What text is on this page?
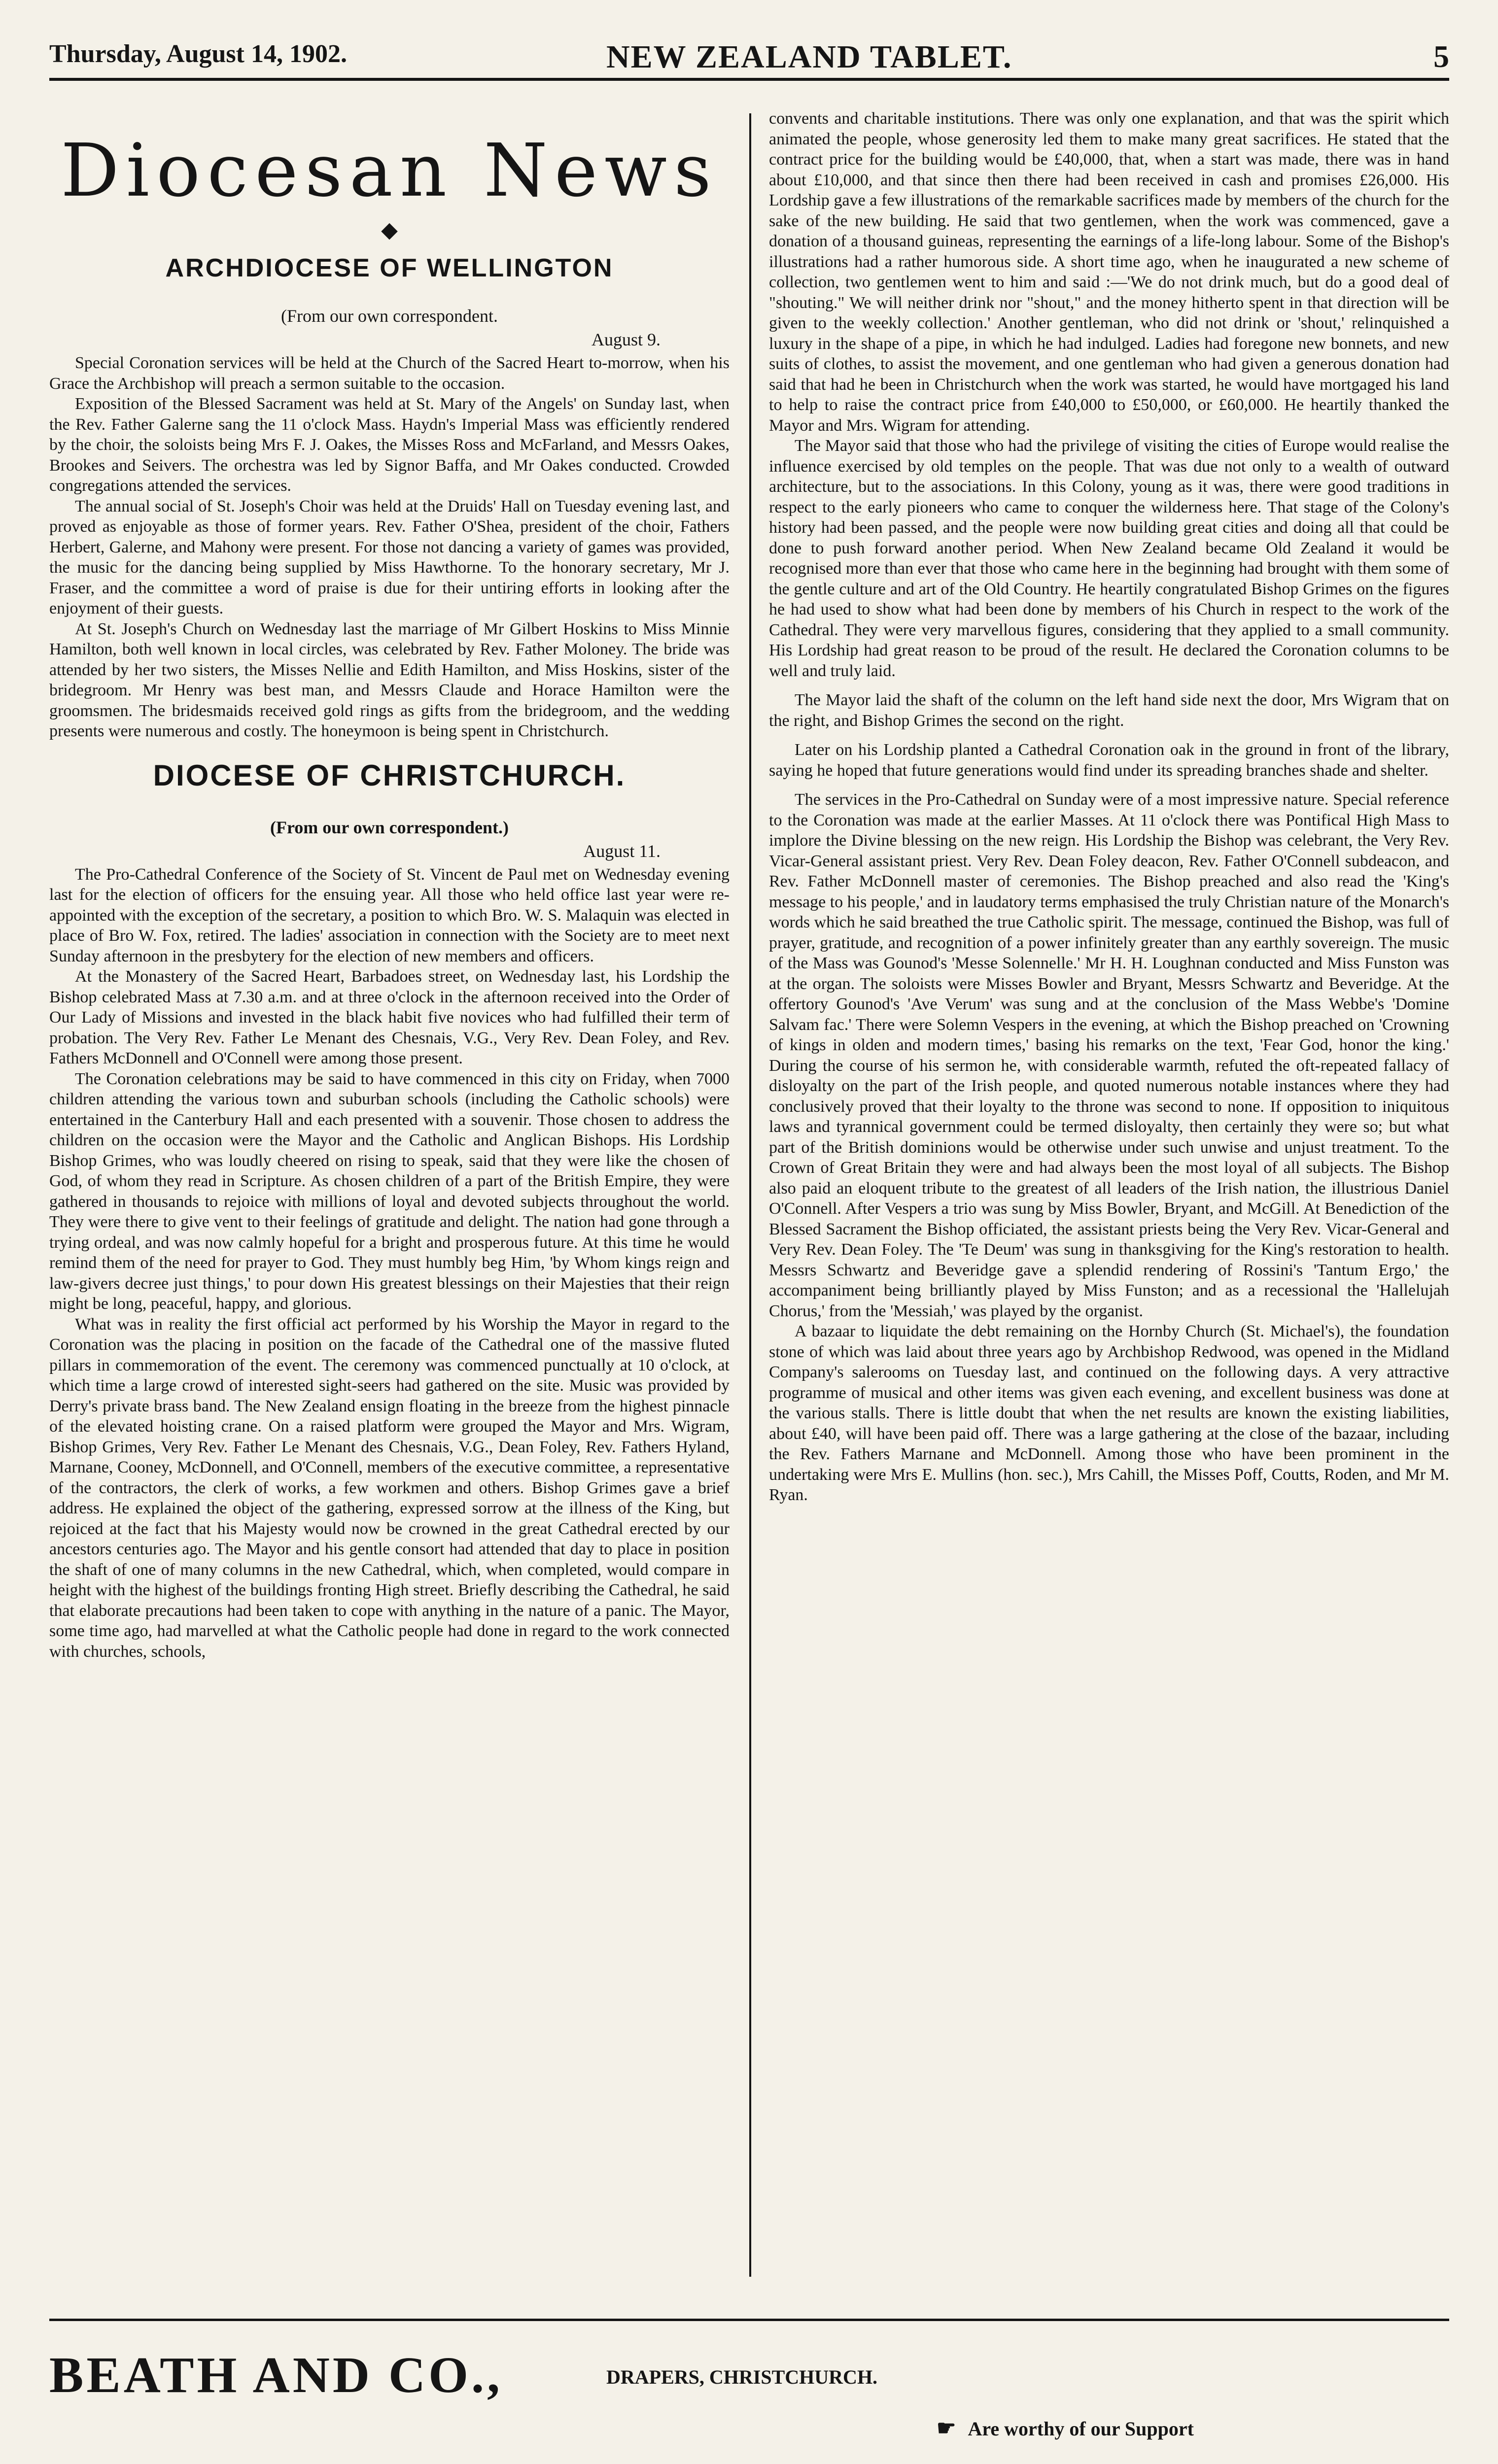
Thursday, August 14, 1902.	NEW ZEALAND TABLET.	5
Diocesan News
◆
ARCHDIOCESE OF WELLINGTON
(From our own correspondent.
August 9.

Special Coronation services will be held at the Church of the Sacred Heart to-morrow, when his Grace the Archbishop will preach a sermon suitable to the occasion.

Exposition of the Blessed Sacrament was held at St. Mary of the Angels' on Sunday last, when the Rev. Father Galerne sang the 11 o'clock Mass. Haydn's Imperial Mass was efficiently rendered by the choir, the soloists being Mrs F. J. Oakes, the Misses Ross and McFarland, and Messrs Oakes, Brookes and Seivers. The orchestra was led by Signor Baffa, and Mr Oakes conducted. Crowded congregations attended the services.

The annual social of St. Joseph's Choir was held at the Druids' Hall on Tuesday evening last, and proved as enjoyable as those of former years. Rev. Father O'Shea, president of the choir, Fathers Herbert, Galerne, and Mahony were present. For those not dancing a variety of games was provided, the music for the dancing being supplied by Miss Hawthorne. To the honorary secretary, Mr J. Fraser, and the committee a word of praise is due for their untiring efforts in looking after the enjoyment of their guests.

At St. Joseph's Church on Wednesday last the marriage of Mr Gilbert Hoskins to Miss Minnie Hamilton, both well known in local circles, was celebrated by Rev. Father Moloney. The bride was attended by her two sisters, the Misses Nellie and Edith Hamilton, and Miss Hoskins, sister of the bridegroom. Mr Henry was best man, and Messrs Claude and Horace Hamilton were the groomsmen. The bridesmaids received gold rings as gifts from the bridegroom, and the wedding presents were numerous and costly. The honeymoon is being spent in Christchurch.

DIOCESE OF CHRISTCHURCH.
(From our own correspondent.)
August 11.

The Pro-Cathedral Conference of the Society of St. Vincent de Paul met on Wednesday evening last for the election of officers for the ensuing year. All those who held office last year were re-appointed with the exception of the secretary, a position to which Bro. W. S. Malaquin was elected in place of Bro W. Fox, retired. The ladies' association in connection with the Society are to meet next Sunday afternoon in the presbytery for the election of new members and officers.

At the Monastery of the Sacred Heart, Barbadoes street, on Wednesday last, his Lordship the Bishop celebrated Mass at 7.30 a.m. and at three o'clock in the afternoon received into the Order of Our Lady of Missions and invested in the black habit five novices who had fulfilled their term of probation. The Very Rev. Father Le Menant des Chesnais, V.G., Very Rev. Dean Foley, and Rev. Fathers McDonnell and O'Connell were among those present.

The Coronation celebrations may be said to have commenced in this city on Friday, when 7000 children attending the various town and suburban schools (including the Catholic schools) were entertained in the Canterbury Hall and each presented with a souvenir. Those chosen to address the children on the occasion were the Mayor and the Catholic and Anglican Bishops. His Lordship Bishop Grimes, who was loudly cheered on rising to speak, said that they were like the chosen of God, of whom they read in Scripture. As chosen children of a part of the British Empire, they were gathered in thousands to rejoice with millions of loyal and devoted subjects throughout the world. They were there to give vent to their feelings of gratitude and delight. The nation had gone through a trying ordeal, and was now calmly hopeful for a bright and prosperous future. At this time he would remind them of the need for prayer to God. They must humbly beg Him, 'by Whom kings reign and law-givers decree just things,' to pour down His greatest blessings on their Majesties that their reign might be long, peaceful, happy, and glorious.

What was in reality the first official act performed by his Worship the Mayor in regard to the Coronation was the placing in position on the facade of the Cathedral one of the massive fluted pillars in commemoration of the event. The ceremony was commenced punctually at 10 o'clock, at which time a large crowd of interested sight-seers had gathered on the site. Music was provided by Derry's private brass band. The New Zealand ensign floating in the breeze from the highest pinnacle of the elevated hoisting crane. On a raised platform were grouped the Mayor and Mrs. Wigram, Bishop Grimes, Very Rev. Father Le Menant des Chesnais, V.G., Dean Foley, Rev. Fathers Hyland, Marnane, Cooney, McDonnell, and O'Connell, members of the executive committee, a representative of the contractors, the clerk of works, a few workmen and others. Bishop Grimes gave a brief address. He explained the object of the gathering, expressed sorrow at the illness of the King, but rejoiced at the fact that his Majesty would now be crowned in the great Cathedral erected by our ancestors centuries ago. The Mayor and his gentle consort had attended that day to place in position the shaft of one of many columns in the new Cathedral, which, when completed, would compare in height with the highest of the buildings fronting High street. Briefly describing the Cathedral, he said that elaborate precautions had been taken to cope with anything in the nature of a panic. The Mayor, some time ago, had marvelled at what the Catholic people had done in regard to the work connected with churches, schools,

convents and charitable institutions. There was only one explanation, and that was the spirit which animated the people, whose generosity led them to make many great sacrifices. He stated that the contract price for the building would be £40,000, that, when a start was made, there was in hand about £10,000, and that since then there had been received in cash and promises £26,000. His Lordship gave a few illustrations of the remarkable sacrifices made by members of the church for the sake of the new building. He said that two gentlemen, when the work was commenced, gave a donation of a thousand guineas, representing the earnings of a life-long labour. Some of the Bishop's illustrations had a rather humorous side. A short time ago, when he inaugurated a new scheme of collection, two gentlemen went to him and said :—'We do not drink much, but do a good deal of "shouting." We will neither drink nor "shout," and the money hitherto spent in that direction will be given to the weekly collection.' Another gentleman, who did not drink or 'shout,' relinquished a luxury in the shape of a pipe, in which he had indulged. Ladies had foregone new bonnets, and new suits of clothes, to assist the movement, and one gentleman who had given a generous donation had said that had he been in Christchurch when the work was started, he would have mortgaged his land to help to raise the contract price from £40,000 to £50,000, or £60,000. He heartily thanked the Mayor and Mrs. Wigram for attending.

The Mayor said that those who had the privilege of visiting the cities of Europe would realise the influence exercised by old temples on the people. That was due not only to a wealth of outward architecture, but to the associations. In this Colony, young as it was, there were good traditions in respect to the early pioneers who came to conquer the wilderness here. That stage of the Colony's history had been passed, and the people were now building great cities and doing all that could be done to push forward another period. When New Zealand became Old Zealand it would be recognised more than ever that those who came here in the beginning had brought with them some of the gentle culture and art of the Old Country. He heartily congratulated Bishop Grimes on the figures he had used to show what had been done by members of his Church in respect to the work of the Cathedral. They were very marvellous figures, considering that they applied to a small community. His Lordship had great reason to be proud of the result. He declared the Coronation columns to be well and truly laid.

The Mayor laid the shaft of the column on the left hand side next the door, Mrs Wigram that on the right, and Bishop Grimes the second on the right.

Later on his Lordship planted a Cathedral Coronation oak in the ground in front of the library, saying he hoped that future generations would find under its spreading branches shade and shelter.

The services in the Pro-Cathedral on Sunday were of a most impressive nature. Special reference to the Coronation was made at the earlier Masses. At 11 o'clock there was Pontifical High Mass to implore the Divine blessing on the new reign. His Lordship the Bishop was celebrant, the Very Rev. Vicar-General assistant priest. Very Rev. Dean Foley deacon, Rev. Father O'Connell subdeacon, and Rev. Father McDonnell master of ceremonies. The Bishop preached and also read the 'King's message to his people,' and in laudatory terms emphasised the truly Christian nature of the Monarch's words which he said breathed the true Catholic spirit. The message, continued the Bishop, was full of prayer, gratitude, and recognition of a power infinitely greater than any earthly sovereign. The music of the Mass was Gounod's 'Messe Solennelle.' Mr H. H. Loughnan conducted and Miss Funston was at the organ. The soloists were Misses Bowler and Bryant, Messrs Schwartz and Beveridge. At the offertory Gounod's 'Ave Verum' was sung and at the conclusion of the Mass Webbe's 'Domine Salvam fac.' There were Solemn Vespers in the evening, at which the Bishop preached on 'Crowning of kings in olden and modern times,' basing his remarks on the text, 'Fear God, honor the king.' During the course of his sermon he, with considerable warmth, refuted the oft-repeated fallacy of disloyalty on the part of the Irish people, and quoted numerous notable instances where they had conclusively proved that their loyalty to the throne was second to none. If opposition to iniquitous laws and tyrannical government could be termed disloyalty, then certainly they were so; but what part of the British dominions would be otherwise under such unwise and unjust treatment. To the Crown of Great Britain they were and had always been the most loyal of all subjects. The Bishop also paid an eloquent tribute to the greatest of all leaders of the Irish nation, the illustrious Daniel O'Connell. After Vespers a trio was sung by Miss Bowler, Bryant, and McGill. At Benediction of the Blessed Sacrament the Bishop officiated, the assistant priests being the Very Rev. Vicar-General and Very Rev. Dean Foley. The 'Te Deum' was sung in thanksgiving for the King's restoration to health. Messrs Schwartz and Beveridge gave a splendid rendering of Rossini's 'Tantum Ergo,' the accompaniment being brilliantly played by Miss Funston; and as a recessional the 'Hallelujah Chorus,' from the 'Messiah,' was played by the organist.

A bazaar to liquidate the debt remaining on the Hornby Church (St. Michael's), the foundation stone of which was laid about three years ago by Archbishop Redwood, was opened in the Midland Company's salerooms on Tuesday last, and continued on the following days. A very attractive programme of musical and other items was given each evening, and excellent business was done at the various stalls. There is little doubt that when the net results are known the existing liabilities, about £40, will have been paid off. There was a large gathering at the close of the bazaar, including the Rev. Fathers Marnane and McDonnell. Among those who have been prominent in the undertaking were Mrs E. Mullins (hon. sec.), Mrs Cahill, the Misses Poff, Coutts, Roden, and Mr M. Ryan.

BEATH AND CO.,	DRAPERS, CHRISTCHURCH.
☛ Are worthy of our Support
